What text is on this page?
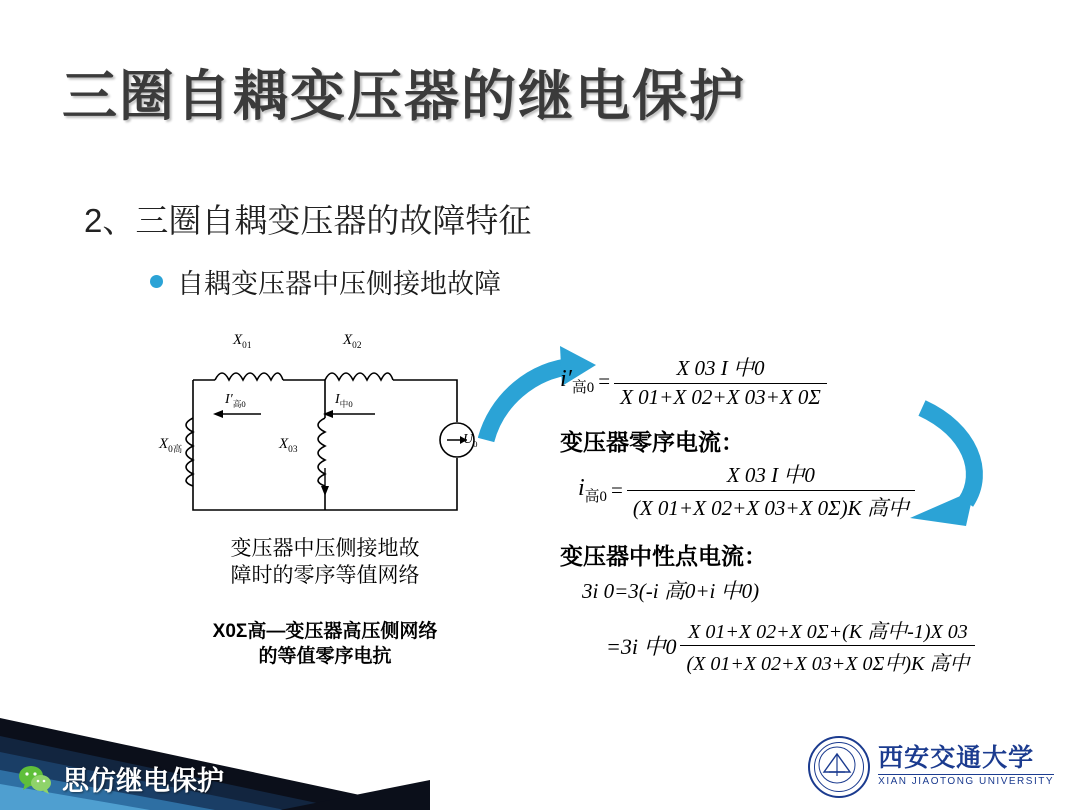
三圈自耦变压器的继电保护
2、三圈自耦变压器的故障特征
自耦变压器中压侧接地故障
$X_{01}$	$X_{02}$
$X_{0高}$	$X_{03}$
$I'_{高0}$	$I_{中0}$
$U_0$
变压器中压侧接地故
障时的零序等值网络
X0Σ高—变压器高压侧网络
的等值零序电抗
$i'_{高0} = \frac{\text{X 03 I 中0}}{X 01+X 02+X 03+X 0\Sigma}$
变压器零序电流：
$i_{高0} = \frac{\text{X 03 I 中0}}{\text{(X 01+X 02+X 03+X 0Σ)K 高中}}$
变压器中性点电流：
3i 0=3(-i 高0+i 中0)
=3i 中$0 \frac{\text{X 01+X 02+X 0Σ+(K 高中-1)X 03}}{\text{(X 01+X 02+X 03+X 0Σ中)K 高中}}$
思仿继电保护
西安交通大学
XIAN JIAOTONG UNIVERSITY
